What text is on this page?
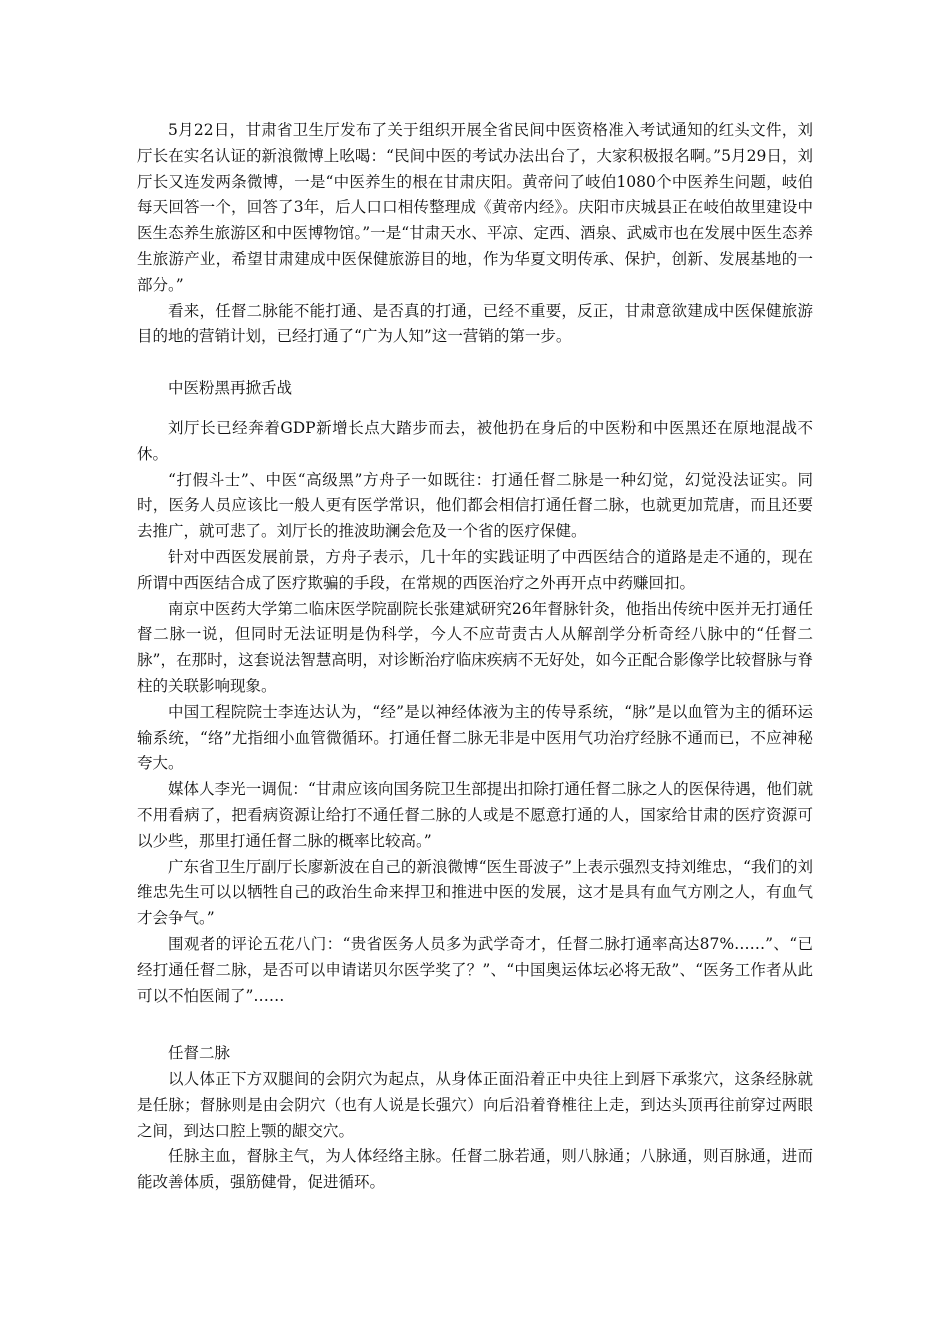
5月22日，甘肃省卫生厅发布了关于组织开展全省民间中医资格准入考试通知的红头文件，刘厅长在实名认证的新浪微博上吆喝：“民间中医的考试办法出台了，大家积极报名啊。”5月29日，刘厅长又连发两条微博，一是“中医养生的根在甘肃庆阳。黄帝问了岐伯1080个中医养生问题，岐伯每天回答一个，回答了3年，后人口口相传整理成《黄帝内经》。庆阳市庆城县正在岐伯故里建设中医生态养生旅游区和中医博物馆。”一是“甘肃天水、平凉、定西、酒泉、武威市也在发展中医生态养生旅游产业，希望甘肃建成中医保健旅游目的地，作为华夏文明传承、保护，创新、发展基地的一部分。”

看来，任督二脉能不能打通、是否真的打通，已经不重要，反正，甘肃意欲建成中医保健旅游目的地的营销计划，已经打通了“广为人知”这一营销的第一步。

中医粉黑再掀舌战

刘厅长已经奔着GDP新增长点大踏步而去，被他扔在身后的中医粉和中医黑还在原地混战不休。

“打假斗士”、中医“高级黑”方舟子一如既往：打通任督二脉是一种幻觉，幻觉没法证实。同时，医务人员应该比一般人更有医学常识，他们都会相信打通任督二脉，也就更加荒唐，而且还要去推广，就可悲了。刘厅长的推波助澜会危及一个省的医疗保健。

针对中西医发展前景，方舟子表示，几十年的实践证明了中西医结合的道路是走不通的，现在所谓中西医结合成了医疗欺骗的手段，在常规的西医治疗之外再开点中药赚回扣。

南京中医药大学第二临床医学院副院长张建斌研究26年督脉针灸，他指出传统中医并无打通任督二脉一说，但同时无法证明是伪科学，今人不应苛责古人从解剖学分析奇经八脉中的“任督二脉”，在那时，这套说法智慧高明，对诊断治疗临床疾病不无好处，如今正配合影像学比较督脉与脊柱的关联影响现象。

中国工程院院士李连达认为，“经”是以神经体液为主的传导系统，“脉”是以血管为主的循环运输系统，“络”尤指细小血管微循环。打通任督二脉无非是中医用气功治疗经脉不通而已，不应神秘夸大。

媒体人李光一调侃：“甘肃应该向国务院卫生部提出扣除打通任督二脉之人的医保待遇，他们就不用看病了，把看病资源让给打不通任督二脉的人或是不愿意打通的人，国家给甘肃的医疗资源可以少些，那里打通任督二脉的概率比较高。”

广东省卫生厅副厅长廖新波在自己的新浪微博“医生哥波子”上表示强烈支持刘维忠，“我们的刘维忠先生可以以牺牲自己的政治生命来捍卫和推进中医的发展，这才是具有血气方刚之人，有血气才会争气。”

围观者的评论五花八门：“贵省医务人员多为武学奇才，任督二脉打通率高达87%……”、“已经打通任督二脉，是否可以申请诺贝尔医学奖了？”、“中国奥运体坛必将无敌”、“医务工作者从此可以不怕医闹了”……

任督二脉

以人体正下方双腿间的会阴穴为起点，从身体正面沿着正中央往上到唇下承浆穴，这条经脉就是任脉；督脉则是由会阴穴（也有人说是长强穴）向后沿着脊椎往上走，到达头顶再往前穿过两眼之间，到达口腔上颚的龈交穴。

任脉主血，督脉主气，为人体经络主脉。任督二脉若通，则八脉通；八脉通，则百脉通，进而能改善体质，强筋健骨，促进循环。
